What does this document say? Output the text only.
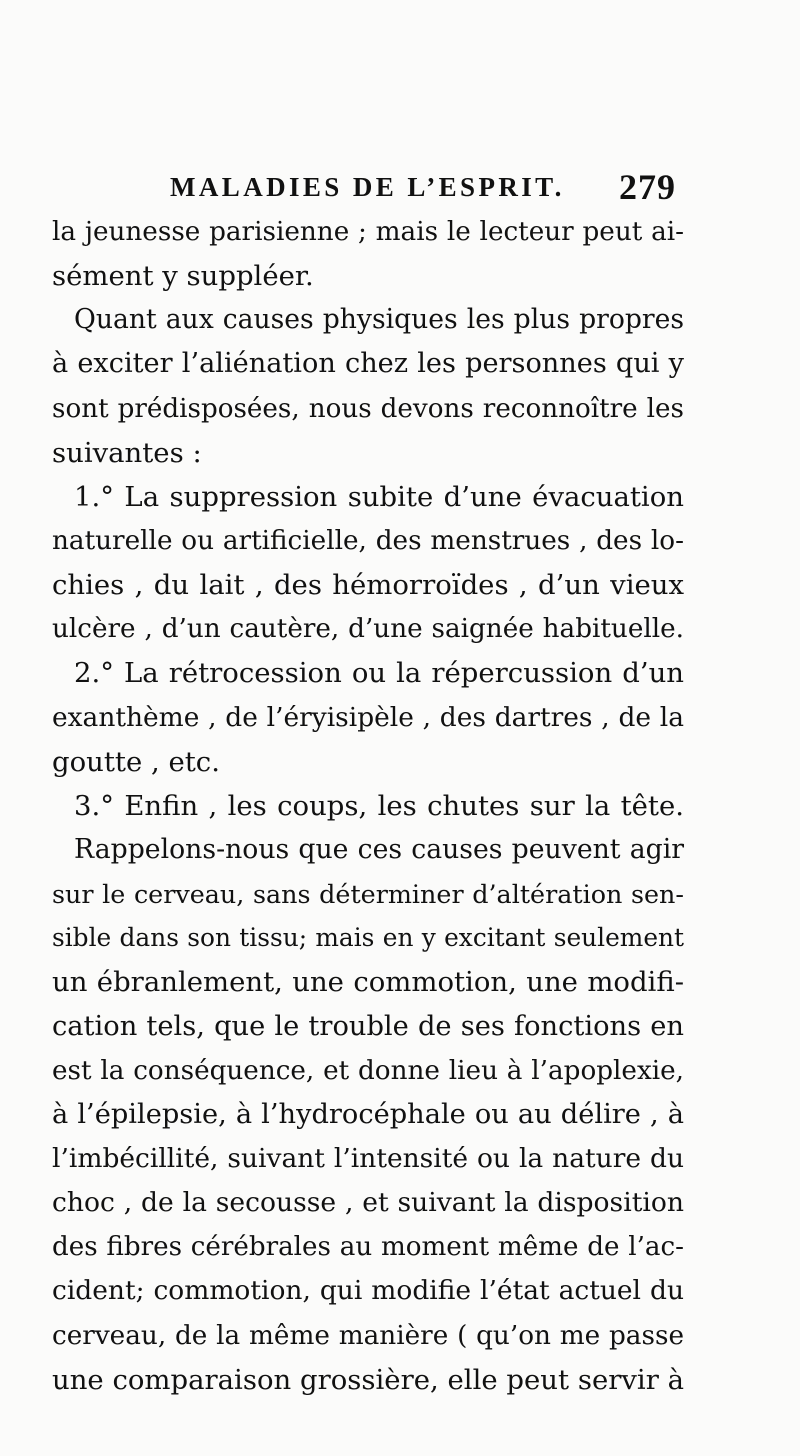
MALADIES DE L’ESPRIT. 279
la jeunesse parisienne ; mais le lecteur peut ai-
sément y suppléer.
Quant aux causes physiques les plus propres
à exciter l’aliénation chez les personnes qui y
sont prédisposées, nous devons reconnoître les
suivantes :
1.° La suppression subite d’une évacuation
naturelle ou artificielle, des menstrues , des lo-
chies , du lait , des hémorroïdes , d’un vieux
ulcère , d’un cautère, d’une saignée habituelle.
2.° La rétrocession ou la répercussion d’un
exanthème , de l’éryisipèle , des dartres , de la
goutte , etc.
3.° Enfin , les coups, les chutes sur la tête.
Rappelons-nous que ces causes peuvent agir
sur le cerveau, sans déterminer d’altération sen-
sible dans son tissu; mais en y excitant seulement
un ébranlement, une commotion, une modifi-
cation tels, que le trouble de ses fonctions en
est la conséquence, et donne lieu à l’apoplexie,
à l’épilepsie, à l’hydrocéphale ou au délire , à
l’imbécillité, suivant l’intensité ou la nature du
choc , de la secousse , et suivant la disposition
des fibres cérébrales au moment même de l’ac-
cident; commotion, qui modifie l’état actuel du
cerveau, de la même manière ( qu’on me passe
une comparaison grossière, elle peut servir à
